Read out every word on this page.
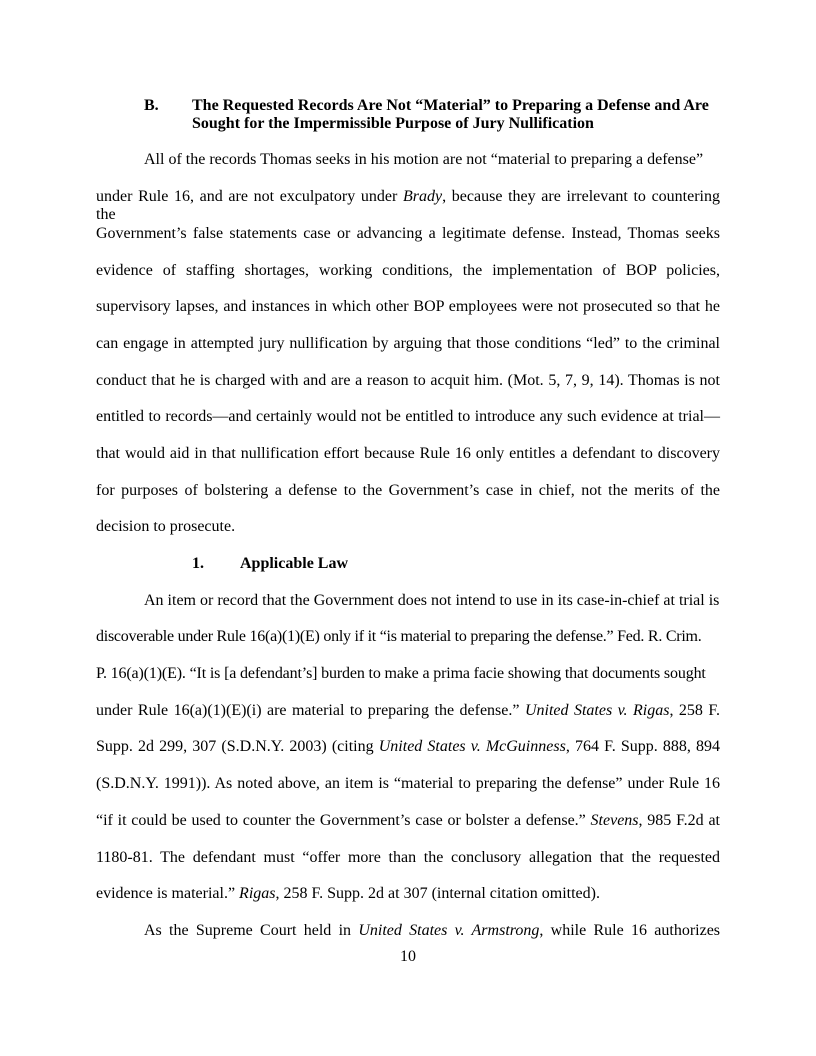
B. The Requested Records Are Not “Material” to Preparing a Defense and Are
Sought for the Impermissible Purpose of Jury Nullification
All of the records Thomas seeks in his motion are not “material to preparing a defense”
under Rule 16, and are not exculpatory under Brady, because they are irrelevant to countering the
Government’s false statements case or advancing a legitimate defense. Instead, Thomas seeks
evidence of staffing shortages, working conditions, the implementation of BOP policies,
supervisory lapses, and instances in which other BOP employees were not prosecuted so that he
can engage in attempted jury nullification by arguing that those conditions “led” to the criminal
conduct that he is charged with and are a reason to acquit him. (Mot. 5, 7, 9, 14). Thomas is not
entitled to records—and certainly would not be entitled to introduce any such evidence at trial—
that would aid in that nullification effort because Rule 16 only entitles a defendant to discovery
for purposes of bolstering a defense to the Government’s case in chief, not the merits of the
decision to prosecute.
1. Applicable Law
An item or record that the Government does not intend to use in its case-in-chief at trial is
discoverable under Rule 16(a)(1)(E) only if it “is material to preparing the defense.” Fed. R. Crim.
P. 16(a)(1)(E). “It is [a defendant’s] burden to make a prima facie showing that documents sought
under Rule 16(a)(1)(E)(i) are material to preparing the defense.” United States v. Rigas, 258 F.
Supp. 2d 299, 307 (S.D.N.Y. 2003) (citing United States v. McGuinness, 764 F. Supp. 888, 894
(S.D.N.Y. 1991)). As noted above, an item is “material to preparing the defense” under Rule 16
“if it could be used to counter the Government’s case or bolster a defense.” Stevens, 985 F.2d at
1180-81. The defendant must “offer more than the conclusory allegation that the requested
evidence is material.” Rigas, 258 F. Supp. 2d at 307 (internal citation omitted).
As the Supreme Court held in United States v. Armstrong, while Rule 16 authorizes
10
